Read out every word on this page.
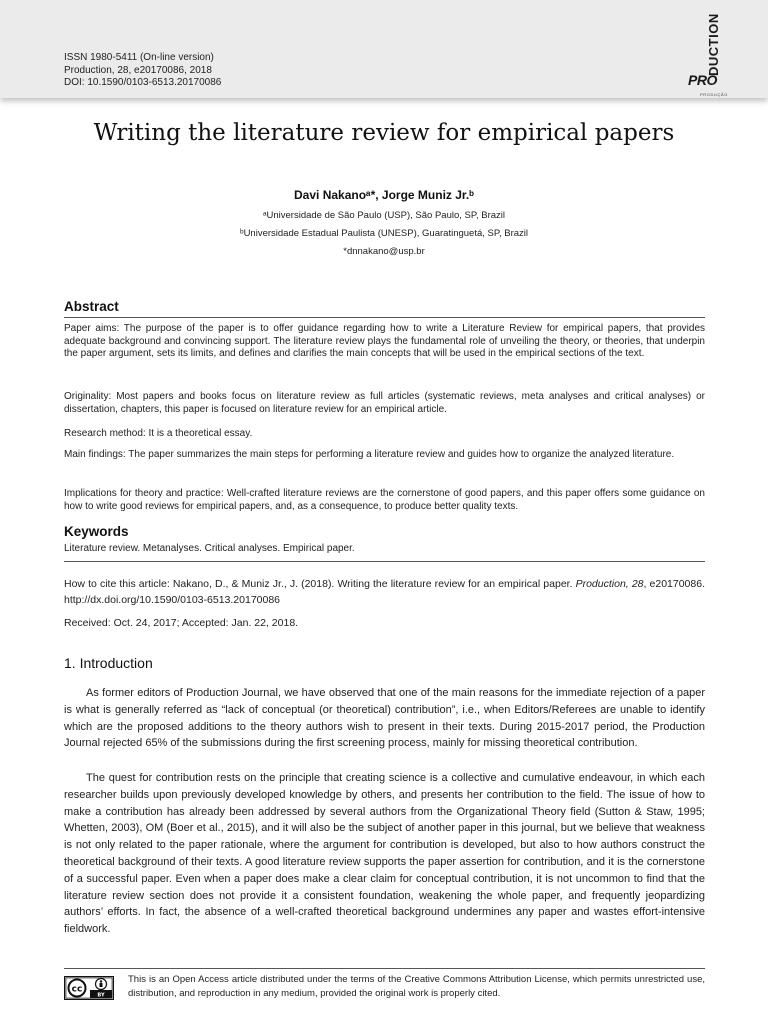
ISSN 1980-5411 (On-line version)
Production, 28, e20170086, 2018
DOI: 10.1590/0103-6513.20170086
DUCTION
PRO
PRODUÇÃO
Writing the literature review for empirical papers
Davi Nakanoᵃ*, Jorge Muniz Jr.ᵇ
ᵃUniversidade de São Paulo (USP), São Paulo, SP, Brazil
ᵇUniversidade Estadual Paulista (UNESP), Guaratinguetá, SP, Brazil
*dnnakano@usp.br
Abstract
Paper aims: The purpose of the paper is to offer guidance regarding how to write a Literature Review for empirical papers, that provides adequate background and convincing support. The literature review plays the fundamental role of unveiling the theory, or theories, that underpin the paper argument, sets its limits, and defines and clarifies the main concepts that will be used in the empirical sections of the text.
Originality: Most papers and books focus on literature review as full articles (systematic reviews, meta analyses and critical analyses) or dissertation, chapters, this paper is focused on literature review for an empirical article.
Research method: It is a theoretical essay.
Main findings: The paper summarizes the main steps for performing a literature review and guides how to organize the analyzed literature.
Implications for theory and practice: Well-crafted literature reviews are the cornerstone of good papers, and this paper offers some guidance on how to write good reviews for empirical papers, and, as a consequence, to produce better quality texts.
Keywords
Literature review. Metanalyses. Critical analyses. Empirical paper.
How to cite this article: Nakano, D., & Muniz Jr., J. (2018). Writing the literature review for an empirical paper. Production, 28, e20170086. http://dx.doi.org/10.1590/0103-6513.20170086
Received: Oct. 24, 2017; Accepted: Jan. 22, 2018.
1. Introduction
As former editors of Production Journal, we have observed that one of the main reasons for the immediate rejection of a paper is what is generally referred as “lack of conceptual (or theoretical) contribution”, i.e., when Editors/Referees are unable to identify which are the proposed additions to the theory authors wish to present in their texts. During 2015-2017 period, the Production Journal rejected 65% of the submissions during the first screening process, mainly for missing theoretical contribution.
The quest for contribution rests on the principle that creating science is a collective and cumulative endeavour, in which each researcher builds upon previously developed knowledge by others, and presents her contribution to the field. The issue of how to make a contribution has already been addressed by several authors from the Organizational Theory field (Sutton & Staw, 1995; Whetten, 2003), OM (Boer et al., 2015), and it will also be the subject of another paper in this journal, but we believe that weakness is not only related to the paper rationale, where the argument for contribution is developed, but also to how authors construct the theoretical background of their texts. A good literature review supports the paper assertion for contribution, and it is the cornerstone of a successful paper. Even when a paper does make a clear claim for conceptual contribution, it is not uncommon to find that the literature review section does not provide it a consistent foundation, weakening the whole paper, and frequently jeopardizing authors’ efforts. In fact, the absence of a well-crafted theoretical background undermines any paper and wastes effort-intensive fieldwork.
cc
BY
This is an Open Access article distributed under the terms of the Creative Commons Attribution License, which permits unrestricted use, distribution, and reproduction in any medium, provided the original work is properly cited.
